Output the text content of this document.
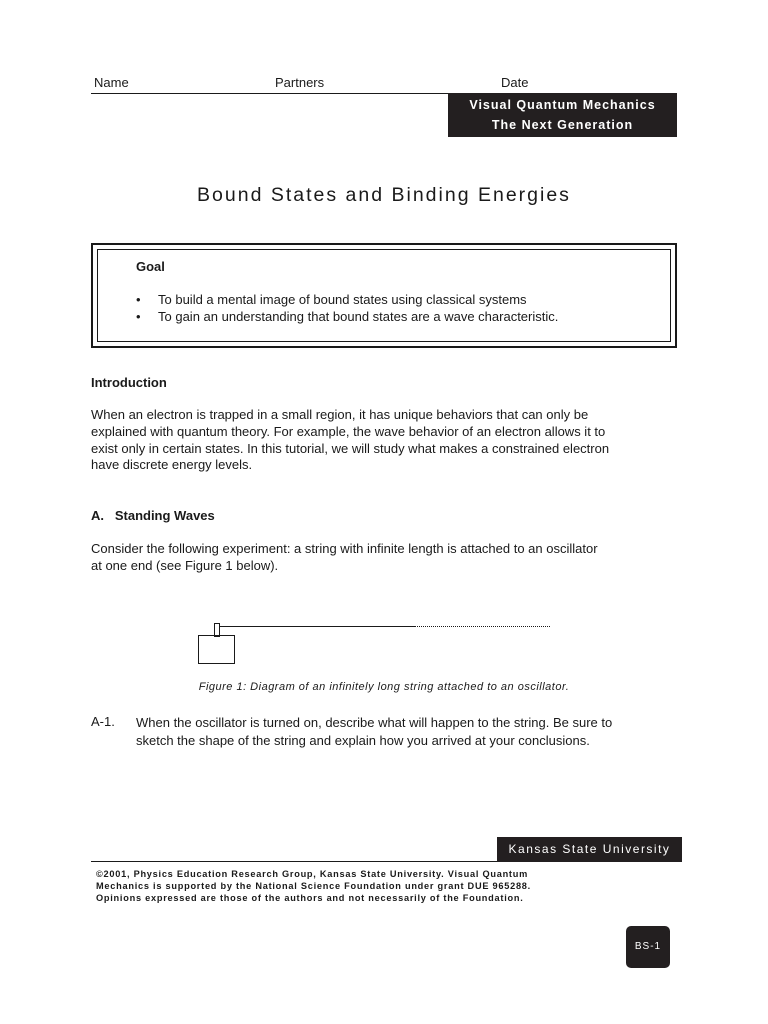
Name	Partners	Date
Visual Quantum Mechanics
The Next Generation
Bound States and Binding Energies
Goal
• To build a mental image of bound states using classical systems
• To gain an understanding that bound states are a wave characteristic.
Introduction
When an electron is trapped in a small region, it has unique behaviors that can only be
explained with quantum theory. For example, the wave behavior of an electron allows it to
exist only in certain states. In this tutorial, we will study what makes a constrained electron
have discrete energy levels.
A.   Standing Waves
Consider the following experiment: a string with infinite length is attached to an oscillator
at one end (see Figure 1 below).
Figure 1: Diagram of an infinitely long string attached to an oscillator.
A-1. When the oscillator is turned on, describe what will happen to the string. Be sure to
sketch the shape of the string and explain how you arrived at your conclusions.
Kansas State University
©2001, Physics Education Research Group, Kansas State University. Visual Quantum
Mechanics is supported by the National Science Foundation under grant DUE 965288.
Opinions expressed are those of the authors and not necessarily of the Foundation.
BS-1
